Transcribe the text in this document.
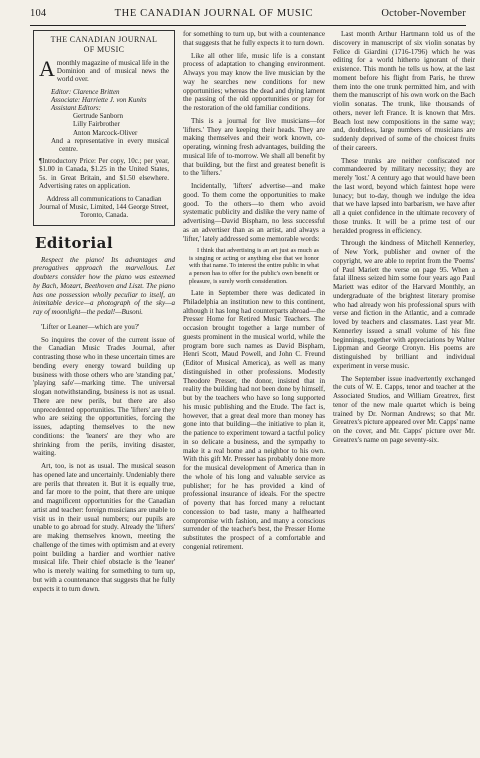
104	THE CANADIAN JOURNAL OF MUSIC	October-November
THE CANADIAN JOURNAL
OF MUSIC

Amonthly magazine of musical life in the Dominion and of musical news the world over.

Editor: Clarence Britten
Associate: Harriette J. von Kunits
Assistant Editors:
Gertrude Sanborn
Lilly Fairbrother
Anton Marcock-Oliver
And a representative in every musical centre.

¶Introductory Price: Per copy, 10c.; per year, $1.00 in Canada, $1.25 in the United States, 5s. in Great Britain, and $1.50 elsewhere. Advertising rates on application.

Address all communications to Canadian Journal of Music, Limited, 144 George Street, Toronto, Canada.

Editorial

Respect the piano! Its advantages and prerogatives approach the marvellous. Let doubters consider how the piano was esteemed by Bach, Mozart, Beethoven and Liszt. The piano has one possession wholly peculiar to itself, an inimitable device—a photograph of the sky—a ray of moonlight—the pedal!—Busoni.

'Lifter or Leaner—which are you?'

So inquires the cover of the current issue of the Canadian Music Trades Journal, after contrasting those who in these uncertain times are bending every energy toward building up business with those others who are 'standing pat,' 'playing safe'—marking time. The universal slogan notwithstanding, business is not as usual. There are new perils, but there are also unprecedented opportunities. The 'lifters' are they who are seizing the opportunities, forcing the issues, adapting themselves to the new conditions: the 'leaners' are they who are shrinking from the perils, inviting disaster, waiting.

Art, too, is not as usual. The musical season has opened late and uncertainly. Undeniably there are perils that threaten it. But it is equally true, and far more to the point, that there are unique and magnificent opportunities for the Canadian artist and teacher: foreign musicians are unable to visit us in their usual numbers; our pupils are unable to go abroad for study. Already the 'lifters' are making themselves known, meeting the challenge of the times with optimism and at every point building a hardier and worthier native musical life. Their chief obstacle is the 'leaner' who is merely waiting for something to turn up, but with a countenance that suggests that he fully expects it to turn down.

for something to turn up, but with a countenance that suggests that he fully expects it to turn down.

Like all other life, music life is a constant process of adaptation to changing environment. Always you may know the live musician by the way he searches new conditions for new opportunities; whereas the dead and dying lament the passing of the old opportunities or pray for the restoration of the old familiar conditions.

This is a journal for live musicians—for 'lifters.' They are keeping their heads. They are making themselves and their work known, co-operating, winning fresh advantages, building the musical life of to-morrow. We shall all benefit by that building, but the first and greatest benefit is to the 'lifters.'

Incidentally, 'lifters' advertise—and make good. To them come the opportunities to make good. To the others—to them who avoid systematic publicity and dislike the very name of advertising—David Bispham, no less successful as an advertiser than as an artist, and always a 'lifter,' lately addressed some memorable words:

I think that advertising is an art just as much as is singing or acting or anything else that we honor with that name. To interest the entire public in what a person has to offer for the public's own benefit or pleasure, is surely worth consideration.

Late in September there was dedicated in Philadelphia an institution new to this continent, although it has long had counterparts abroad—the Presser Home for Retired Music Teachers. The occasion brought together a large number of guests prominent in the musical world, while the program bore such names as David Bispham, Henri Scott, Maud Powell, and John C. Freund (Editor of Musical America), as well as many distinguished in other professions. Modestly Theodore Presser, the donor, insisted that in reality the building had not been done by himself, but by the teachers who have so long supported his music publishing and the Etude. The fact is, however, that a great deal more than money has gone into that building—the initiative to plan it, the patience to experiment toward a tactful policy in so delicate a business, and the sympathy to make it a real home and a neighbor to his own. With this gift Mr. Presser has probably done more for the musical development of America than in the whole of his long and valuable service as publisher; for he has provided a kind of professional insurance of ideals. For the spectre of poverty that has forced many a reluctant concession to bad taste, many a halfhearted compromise with fashion, and many a conscious surrender of the teacher's best, the Presser Home substitutes the prospect of a comfortable and congenial retirement.

Last month Arthur Hartmann told us of the discovery in manuscript of six violin sonatas by Felice di Giardini (1716-1796) which he was editing for a world hitherto ignorant of their existence. This month he tells us how, at the last moment before his flight from Paris, he threw them into the one trunk permitted him, and with them the manuscript of his own work on the Bach violin sonatas. The trunk, like thousands of others, never left France. It is known that Mrs. Beach lost new compositions in the same way; and, doubtless, large numbers of musicians are suddenly deprived of some of the choicest fruits of their careers.

These trunks are neither confiscated nor commandeered by military necessity; they are merely 'lost.' A century ago that would have been the last word, beyond which faintest hope were lunacy; but to-day, though we indulge the idea that we have lapsed into barbarism, we have after all a quiet confidence in the ultimate recovery of those trunks. It will be a prime test of our heralded progress in efficiency.

Through the kindness of Mitchell Kennerley, of New York, publisher and owner of the copyright, we are able to reprint from the 'Poems' of Paul Mariett the verse on page 95. When a fatal illness seized him some four years ago Paul Mariett was editor of the Harvard Monthly, an undergraduate of the brightest literary promise who had already won his professional spurs with verse and fiction in the Atlantic, and a comrade loved by teachers and classmates. Last year Mr. Kennerley issued a small volume of his fine beginnings, together with appreciations by Walter Lippman and George Cronyn. His poems are distinguished by brilliant and individual experiment in verse music.

The September issue inadvertently exchanged the cuts of W. E. Capps, tenor and teacher at the Associated Studios, and William Greatrex, first tenor of the new male quartet which is being trained by Dr. Norman Andrews; so that Mr. Greatrex's picture appeared over Mr. Capps' name on the cover, and Mr. Capps' picture over Mr. Greatrex's name on page seventy-six.
